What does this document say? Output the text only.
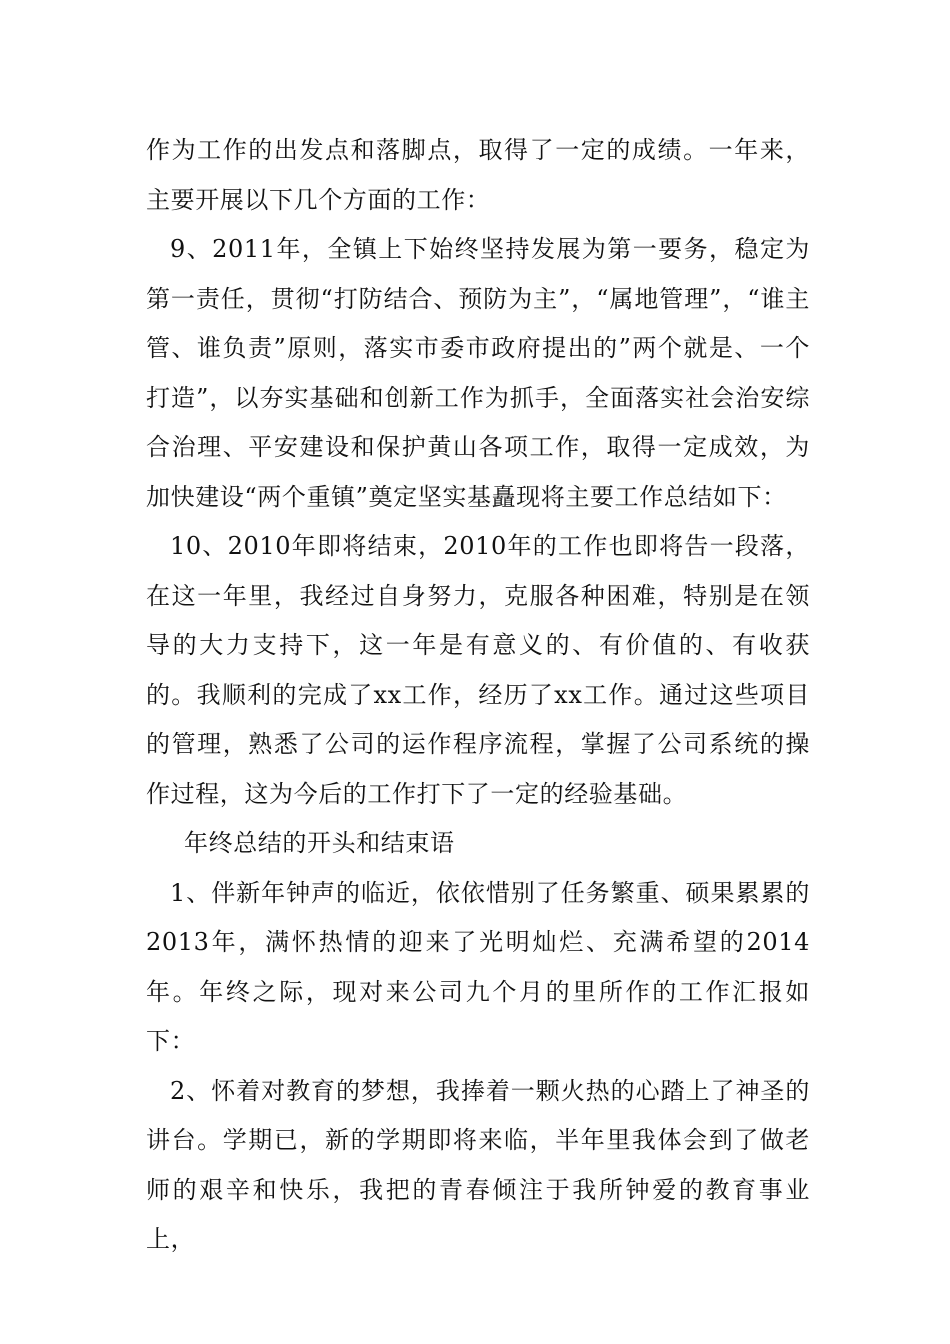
作为工作的出发点和落脚点，取得了一定的成绩。一年来，主要开展以下几个方面的工作：

9、2011年，全镇上下始终坚持发展为第一要务，稳定为第一责任，贯彻“打防结合、预防为主”，“属地管理”，“谁主管、谁负责”原则，落实市委市政府提出的”两个就是、一个打造”，以夯实基础和创新工作为抓手，全面落实社会治安综合治理、平安建设和保护黄山各项工作，取得一定成效，为加快建设“两个重镇”奠定坚实基矗现将主要工作总结如下：

10、2010年即将结束，2010年的工作也即将告一段落，在这一年里，我经过自身努力，克服各种困难，特别是在领导的大力支持下，这一年是有意义的、有价值的、有收获的。我顺利的完成了xx工作，经历了xx工作。通过这些项目的管理，熟悉了公司的运作程序流程，掌握了公司系统的操作过程，这为今后的工作打下了一定的经验基础。

年终总结的开头和结束语

1、伴新年钟声的临近，依依惜别了任务繁重、硕果累累的2013年，满怀热情的迎来了光明灿烂、充满希望的2014年。年终之际，现对来公司九个月的里所作的工作汇报如下：

2、怀着对教育的梦想，我捧着一颗火热的心踏上了神圣的讲台。学期已，新的学期即将来临，半年里我体会到了做老师的艰辛和快乐，我把的青春倾注于我所钟爱的教育事业上，
